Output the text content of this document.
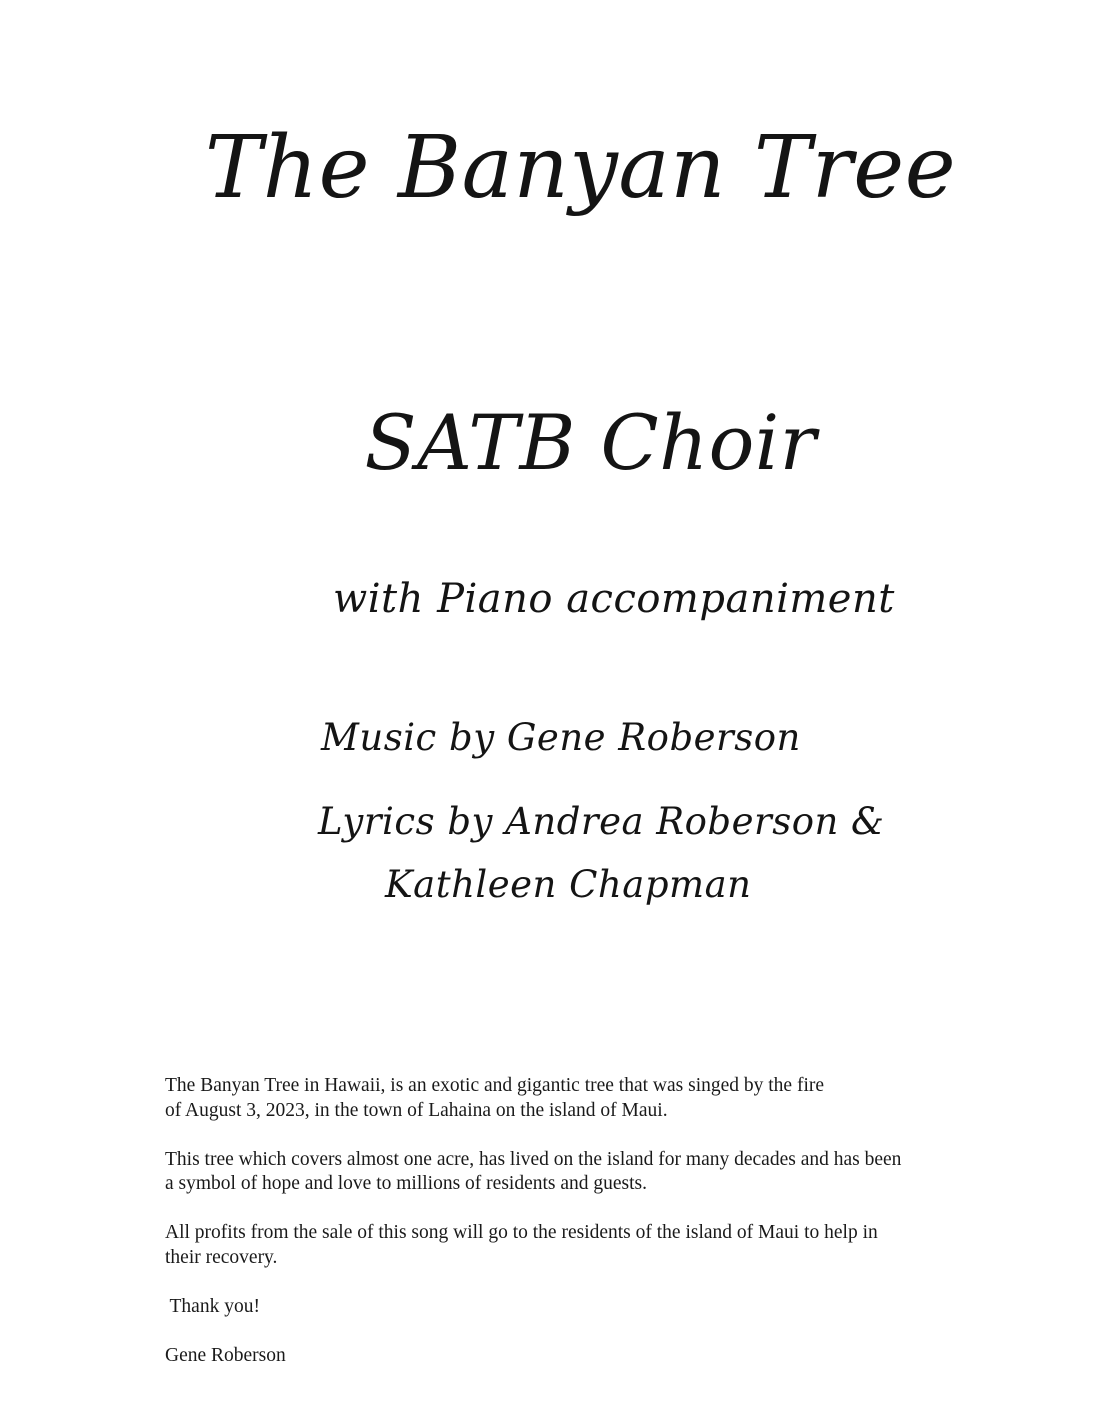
The Banyan Tree
SATB Choir
with Piano accompaniment
Music by Gene Roberson
Lyrics by Andrea Roberson &
Kathleen Chapman

The Banyan Tree in Hawaii, is an exotic and gigantic tree that was singed by the fire
of August 3, 2023, in the town of Lahaina on the island of Maui.

This tree which covers almost one acre, has lived on the island for many decades and has been
a symbol of hope and love to millions of residents and guests.

All profits from the sale of this song will go to the residents of the island of Maui to help in
their recovery.

Thank you!

Gene Roberson
